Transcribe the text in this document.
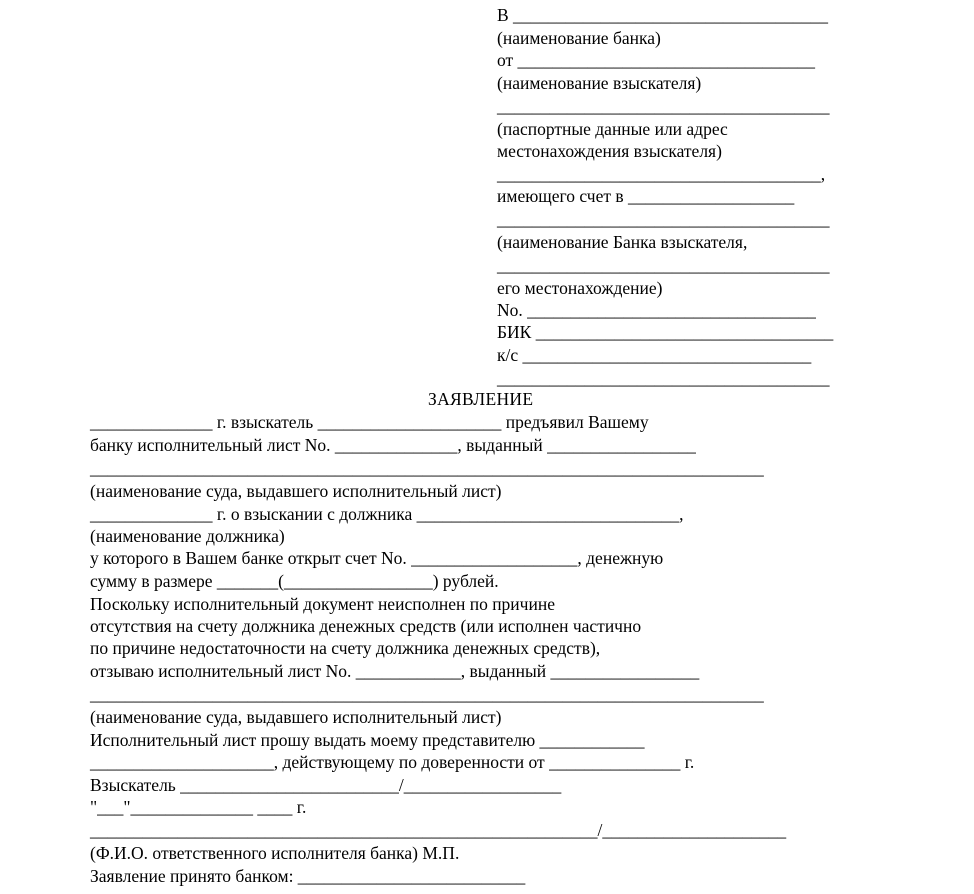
В ____________________________________
(наименование банка)
от __________________________________
(наименование взыскателя)
______________________________________
(паспортные данные или адрес
местонахождения взыскателя)
_____________________________________,
имеющего счет в ___________________
______________________________________
(наименование Банка взыскателя,
______________________________________
его местонахождение)
No. _________________________________
БИК __________________________________
к/с _________________________________
______________________________________
ЗАЯВЛЕНИЕ
______________ г. взыскатель _____________________ предъявил Вашему
банку исполнительный лист No. ______________, выданный _________________
_____________________________________________________________________________
(наименование суда, выдавшего исполнительный лист)
______________ г. о взыскании с должника ______________________________,
(наименование должника)
у которого в Вашем банке открыт счет No. ___________________, денежную
сумму в размере _______(_________________) рублей.
Поскольку исполнительный документ неисполнен по причине
отсутствия на счету должника денежных средств (или исполнен частично
по причине недостаточности на счету должника денежных средств),
отзываю исполнительный лист No. ____________, выданный _________________
_____________________________________________________________________________
(наименование суда, выдавшего исполнительный лист)
Исполнительный лист прошу выдать моему представителю ____________
_____________________, действующему по доверенности от _______________ г.
Взыскатель _________________________/__________________
"___"______________ ____ г.
__________________________________________________________/_____________________
(Ф.И.О. ответственного исполнителя банка) М.П.
Заявление принято банком: __________________________
